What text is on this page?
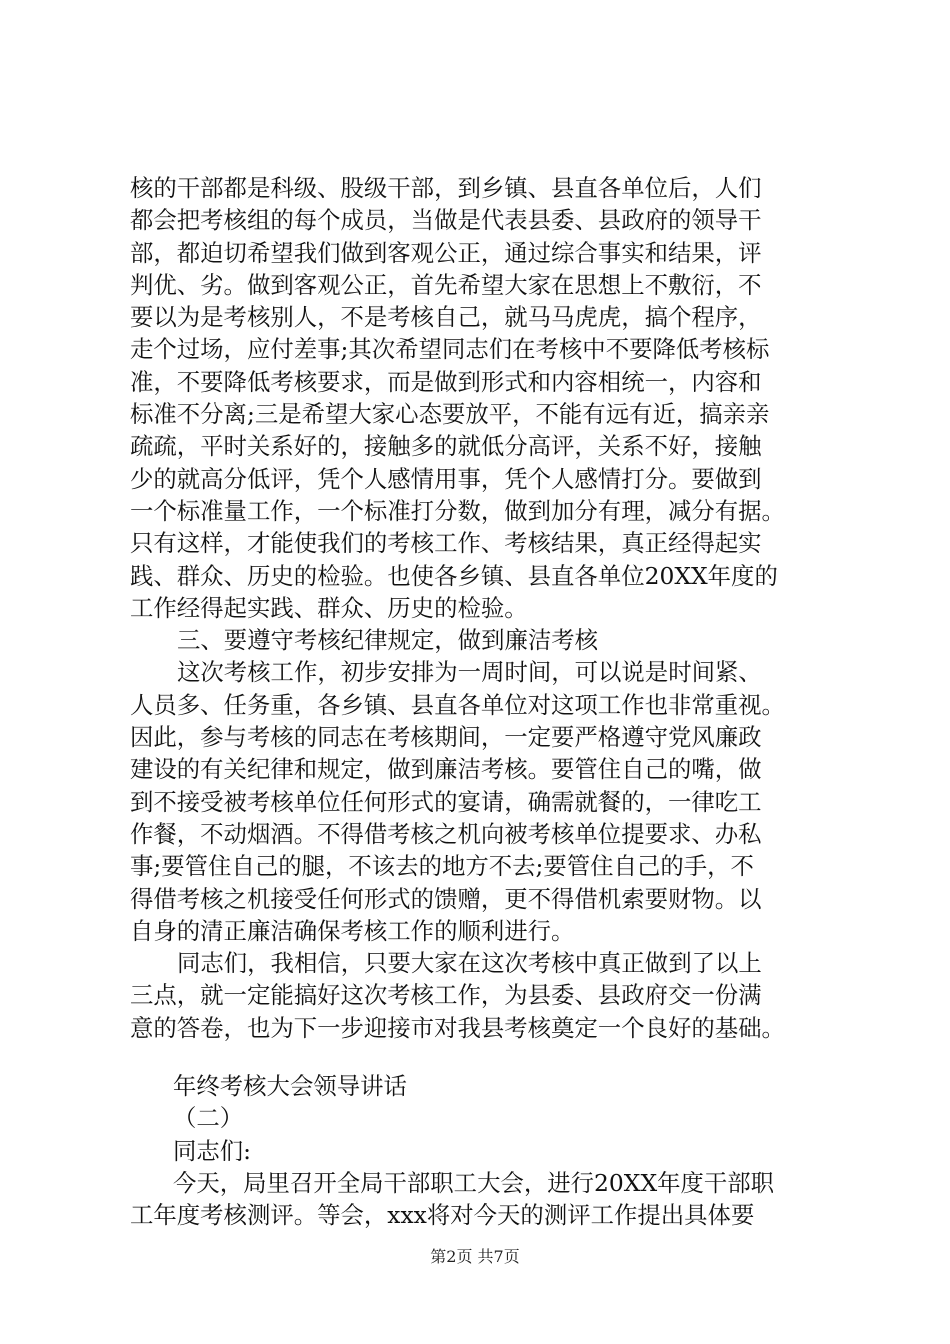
核的干部都是科级、股级干部，到乡镇、县直各单位后，人们
都会把考核组的每个成员，当做是代表县委、县政府的领导干
部，都迫切希望我们做到客观公正，通过综合事实和结果，评
判优、劣。做到客观公正，首先希望大家在思想上不敷衍，不
要以为是考核别人，不是考核自己，就马马虎虎，搞个程序，
走个过场，应付差事;其次希望同志们在考核中不要降低考核标
准，不要降低考核要求，而是做到形式和内容相统一，内容和
标准不分离;三是希望大家心态要放平，不能有远有近，搞亲亲
疏疏，平时关系好的，接触多的就低分高评，关系不好，接触
少的就高分低评，凭个人感情用事，凭个人感情打分。要做到
一个标准量工作，一个标准打分数，做到加分有理，减分有据。
只有这样，才能使我们的考核工作、考核结果，真正经得起实
践、群众、历史的检验。也使各乡镇、县直各单位20XX年度的
工作经得起实践、群众、历史的检验。
三、要遵守考核纪律规定，做到廉洁考核
这次考核工作，初步安排为一周时间，可以说是时间紧、
人员多、任务重，各乡镇、县直各单位对这项工作也非常重视。
因此，参与考核的同志在考核期间，一定要严格遵守党风廉政
建设的有关纪律和规定，做到廉洁考核。要管住自己的嘴，做
到不接受被考核单位任何形式的宴请，确需就餐的，一律吃工
作餐，不动烟酒。不得借考核之机向被考核单位提要求、办私
事;要管住自己的腿，不该去的地方不去;要管住自己的手，不
得借考核之机接受任何形式的馈赠，更不得借机索要财物。以
自身的清正廉洁确保考核工作的顺利进行。
同志们，我相信，只要大家在这次考核中真正做到了以上
三点，就一定能搞好这次考核工作，为县委、县政府交一份满
意的答卷，也为下一步迎接市对我县考核奠定一个良好的基础。
年终考核大会领导讲话
（二）
同志们:
今天，局里召开全局干部职工大会，进行20XX年度干部职
工年度考核测评。等会，xxx将对今天的测评工作提出具体要
第2页 共7页
